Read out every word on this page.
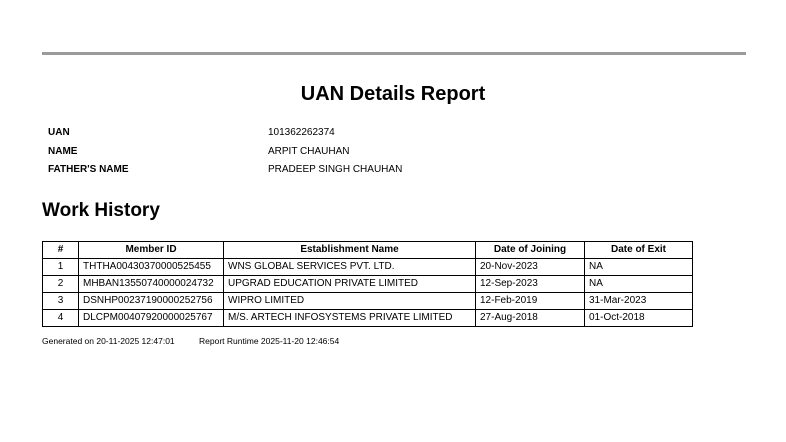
UAN Details Report
UAN	101362262374
NAME	ARPIT CHAUHAN
FATHER'S NAME	PRADEEP SINGH CHAUHAN
Work History
#	Member ID	Establishment Name	Date of Joining	Date of Exit
1	THTHA00430370000525455	WNS GLOBAL SERVICES PVT. LTD.	20-Nov-2023	NA
2	MHBAN13550740000024732	UPGRAD EDUCATION PRIVATE LIMITED	12-Sep-2023	NA
3	DSNHP00237190000252756	WIPRO LIMITED	12-Feb-2019	31-Mar-2023
4	DLCPM00407920000025767	M/S. ARTECH INFOSYSTEMS PRIVATE LIMITED	27-Aug-2018	01-Oct-2018
Generated on 20-11-2025 12:47:01	Report Runtime 2025-11-20 12:46:54
